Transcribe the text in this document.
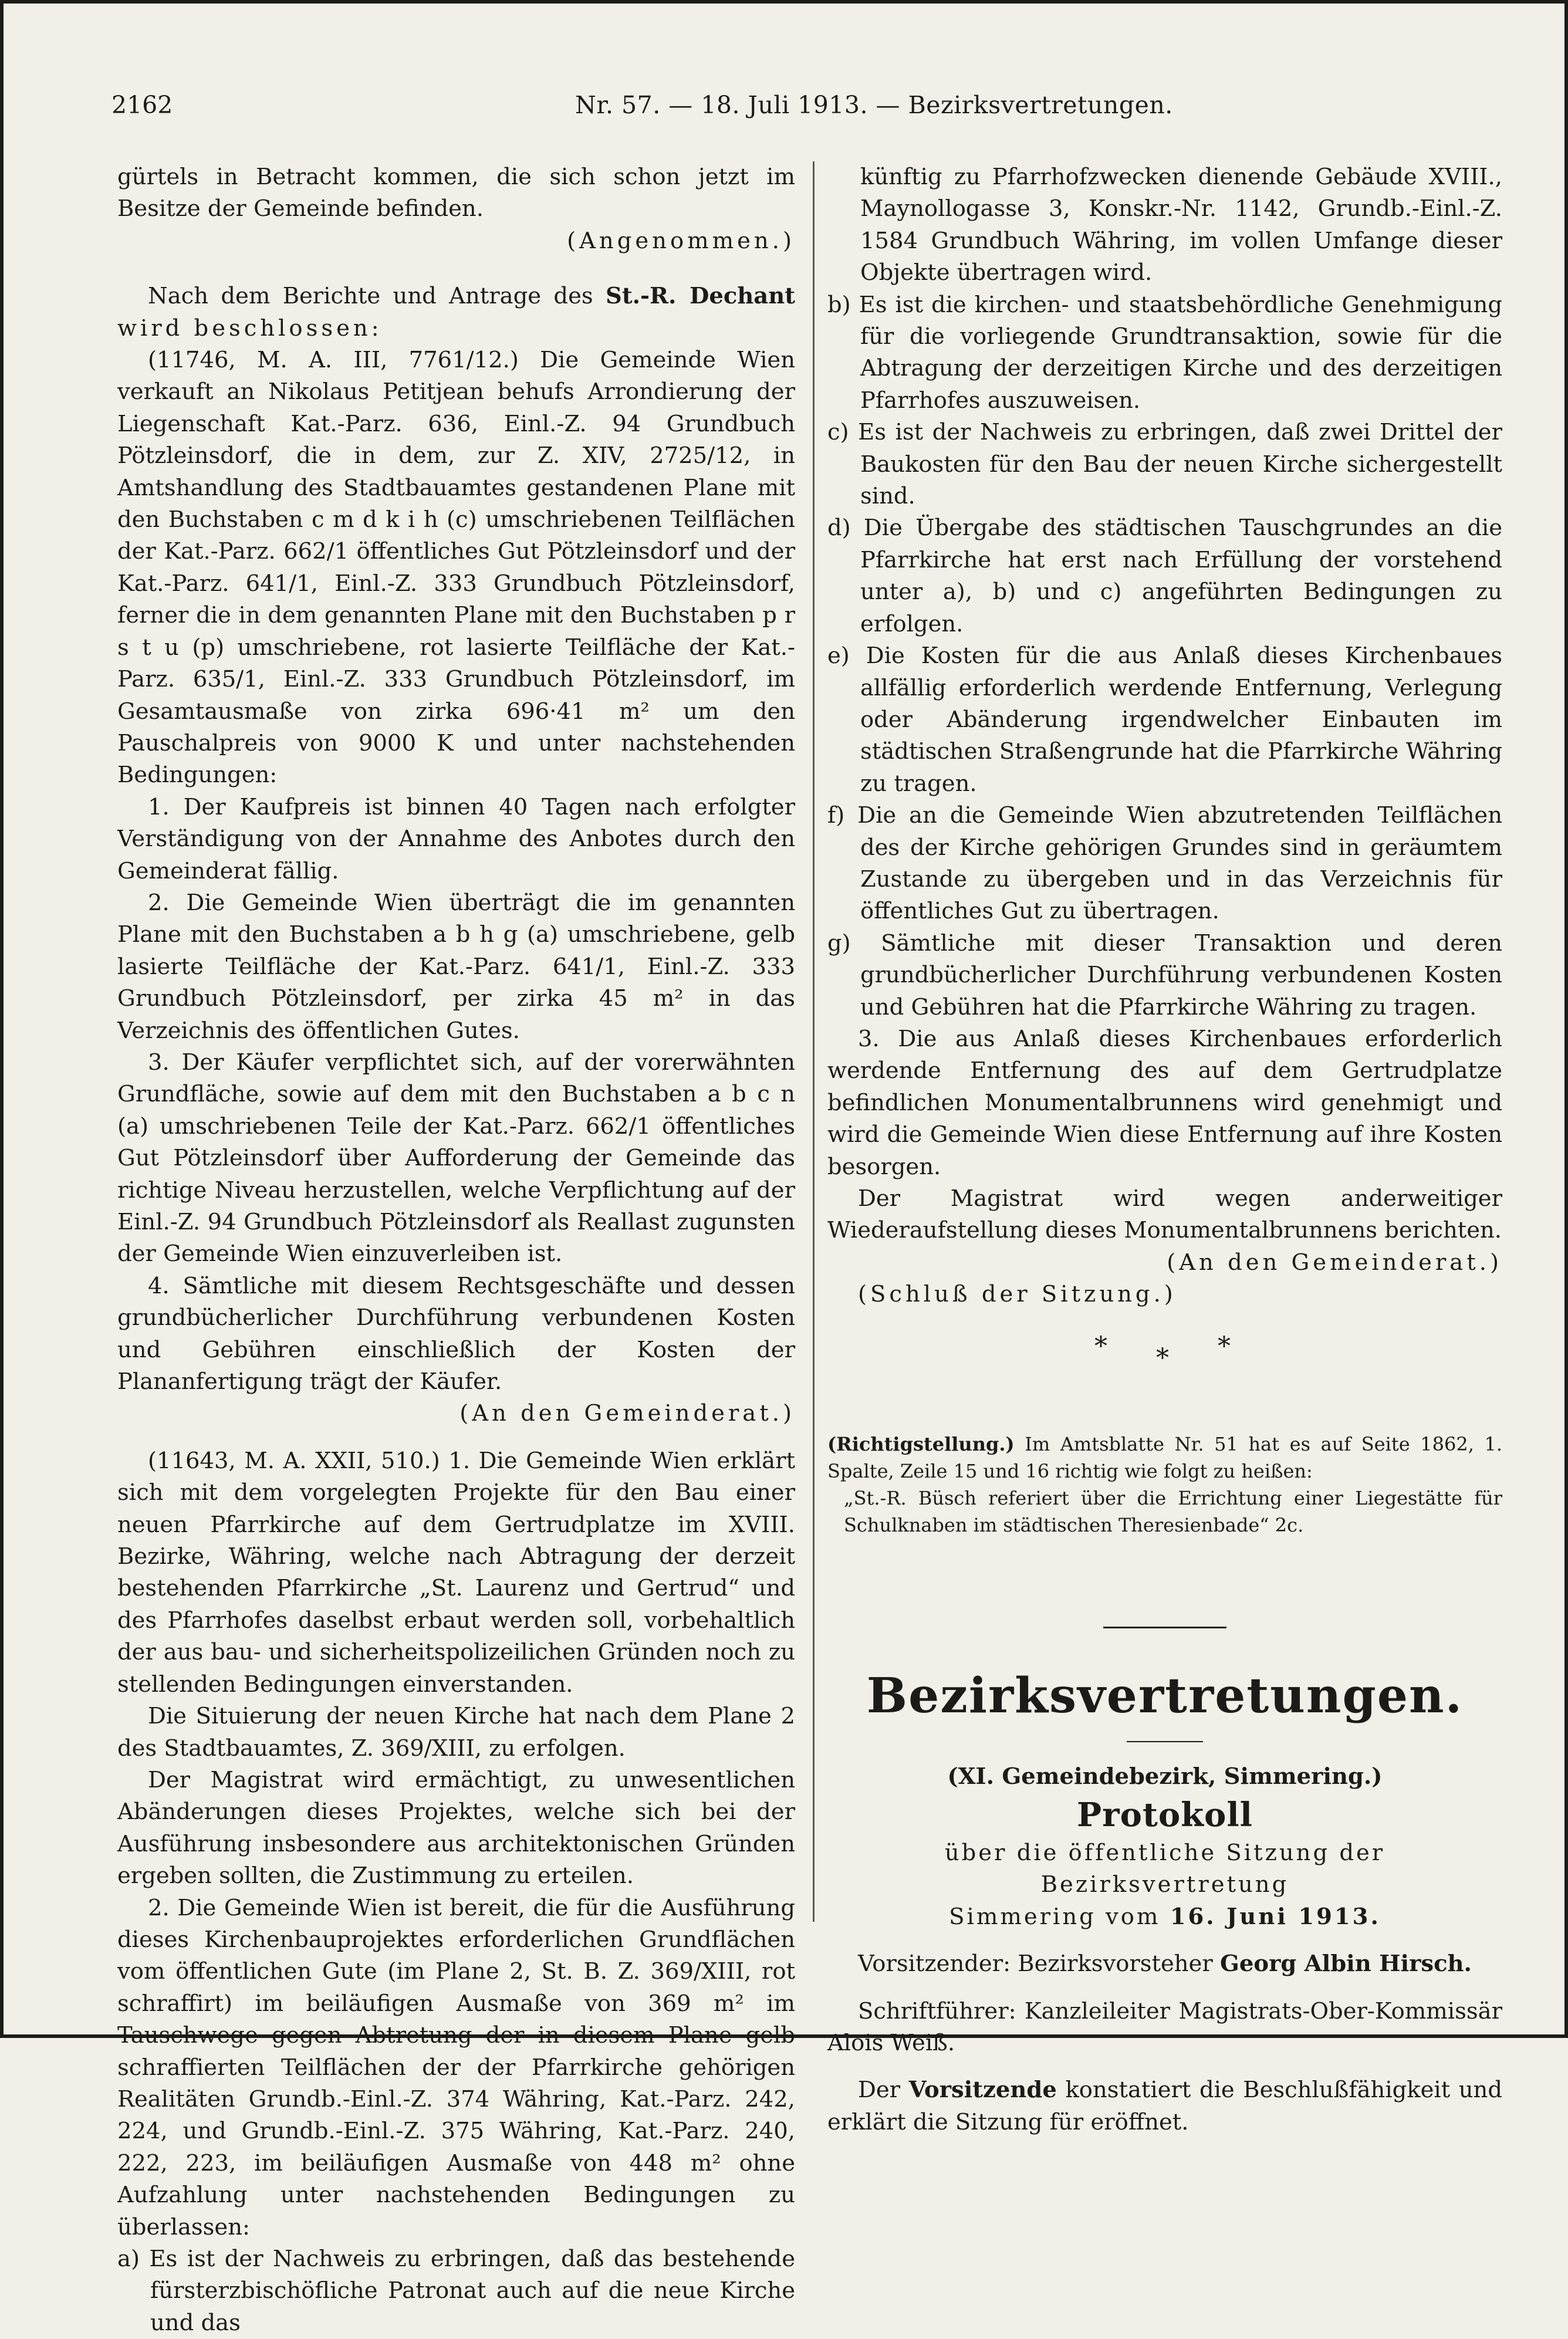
2162	Nr. 57. — 18. Juli 1913. — Bezirksvertretungen.

gürtels in Betracht kommen, die sich schon jetzt im Besitze der Gemeinde befinden.

(Angenommen.)

Nach dem Berichte und Antrage des St.-R. Dechant wird beschlossen:

(11746, M. A. III, 7761/12.) Die Gemeinde Wien verkauft an Nikolaus Petitjean behufs Arrondierung der Liegenschaft Kat.-Parz. 636, Einl.-Z. 94 Grundbuch Pötzleinsdorf, die in dem, zur Z. XIV, 2725/12, in Amtshandlung des Stadtbauamtes gestandenen Plane mit den Buchstaben c m d k i h (c) umschriebenen Teilflächen der Kat.-Parz. 662/1 öffentliches Gut Pötzleinsdorf und der Kat.-Parz. 641/1, Einl.-Z. 333 Grundbuch Pötzleinsdorf, ferner die in dem genannten Plane mit den Buchstaben p r s t u (p) umschriebene, rot lasierte Teilfläche der Kat.-Parz. 635/1, Einl.-Z. 333 Grundbuch Pötzleinsdorf, im Gesamtausmaße von zirka 696·41 m² um den Pauschalpreis von 9000 K und unter nachstehenden Bedingungen:

1. Der Kaufpreis ist binnen 40 Tagen nach erfolgter Verständigung von der Annahme des Anbotes durch den Gemeinderat fällig.

2. Die Gemeinde Wien überträgt die im genannten Plane mit den Buchstaben a b h g (a) umschriebene, gelb lasierte Teilfläche der Kat.-Parz. 641/1, Einl.-Z. 333 Grundbuch Pötzleinsdorf, per zirka 45 m² in das Verzeichnis des öffentlichen Gutes.

3. Der Käufer verpflichtet sich, auf der vorerwähnten Grundfläche, sowie auf dem mit den Buchstaben a b c n (a) umschriebenen Teile der Kat.-Parz. 662/1 öffentliches Gut Pötzleinsdorf über Aufforderung der Gemeinde das richtige Niveau herzustellen, welche Verpflichtung auf der Einl.-Z. 94 Grundbuch Pötzleinsdorf als Reallast zugunsten der Gemeinde Wien einzuverleiben ist.

4. Sämtliche mit diesem Rechtsgeschäfte und dessen grundbücherlicher Durchführung verbundenen Kosten und Gebühren einschließlich der Kosten der Plananfertigung trägt der Käufer.

(An den Gemeinderat.)

(11643, M. A. XXII, 510.) 1. Die Gemeinde Wien erklärt sich mit dem vorgelegten Projekte für den Bau einer neuen Pfarrkirche auf dem Gertrudplatze im XVIII. Bezirke, Währing, welche nach Abtragung der derzeit bestehenden Pfarrkirche „St. Laurenz und Gertrud“ und des Pfarrhofes daselbst erbaut werden soll, vorbehaltlich der aus bau- und sicherheitspolizeilichen Gründen noch zu stellenden Bedingungen einverstanden.

Die Situierung der neuen Kirche hat nach dem Plane 2 des Stadtbauamtes, Z. 369/XIII, zu erfolgen.

Der Magistrat wird ermächtigt, zu unwesentlichen Abänderungen dieses Projektes, welche sich bei der Ausführung insbesondere aus architektonischen Gründen ergeben sollten, die Zustimmung zu erteilen.

2. Die Gemeinde Wien ist bereit, die für die Ausführung dieses Kirchenbauprojektes erforderlichen Grundflächen vom öffentlichen Gute (im Plane 2, St. B. Z. 369/XIII, rot schraffirt) im beiläufigen Ausmaße von 369 m² im Tauschwege gegen Abtretung der in diesem Plane gelb schraffierten Teilflächen der der Pfarrkirche gehörigen Realitäten Grundb.-Einl.-Z. 374 Währing, Kat.-Parz. 242, 224, und Grundb.-Einl.-Z. 375 Währing, Kat.-Parz. 240, 222, 223, im beiläufigen Ausmaße von 448 m² ohne Aufzahlung unter nachstehenden Bedingungen zu überlassen:

a) Es ist der Nachweis zu erbringen, daß das bestehende fürsterzbischöfliche Patronat auch auf die neue Kirche und das

künftig zu Pfarrhofzwecken dienende Gebäude XVIII., Maynollogasse 3, Konskr.-Nr. 1142, Grundb.-Einl.-Z. 1584 Grundbuch Währing, im vollen Umfange dieser Objekte übertragen wird.

b) Es ist die kirchen- und staatsbehördliche Genehmigung für die vorliegende Grundtransaktion, sowie für die Abtragung der derzeitigen Kirche und des derzeitigen Pfarrhofes auszuweisen.

c) Es ist der Nachweis zu erbringen, daß zwei Drittel der Baukosten für den Bau der neuen Kirche sichergestellt sind.

d) Die Übergabe des städtischen Tauschgrundes an die Pfarrkirche hat erst nach Erfüllung der vorstehend unter a), b) und c) angeführten Bedingungen zu erfolgen.

e) Die Kosten für die aus Anlaß dieses Kirchenbaues allfällig erforderlich werdende Entfernung, Verlegung oder Abänderung irgendwelcher Einbauten im städtischen Straßengrunde hat die Pfarrkirche Währing zu tragen.

f) Die an die Gemeinde Wien abzutretenden Teilflächen des der Kirche gehörigen Grundes sind in geräumtem Zustande zu übergeben und in das Verzeichnis für öffentliches Gut zu übertragen.

g) Sämtliche mit dieser Transaktion und deren grundbücherlicher Durchführung verbundenen Kosten und Gebühren hat die Pfarrkirche Währing zu tragen.

3. Die aus Anlaß dieses Kirchenbaues erforderlich werdende Entfernung des auf dem Gertrudplatze befindlichen Monumentalbrunnens wird genehmigt und wird die Gemeinde Wien diese Entfernung auf ihre Kosten besorgen.

Der Magistrat wird wegen anderweitiger Wiederaufstellung dieses Monumentalbrunnens berichten.

(An den Gemeinderat.)

(Schluß der Sitzung.)

* * *

(Richtigstellung.) Im Amtsblatte Nr. 51 hat es auf Seite 1862, 1. Spalte, Zeile 15 und 16 richtig wie folgt zu heißen:

„St.-R. Büsch referiert über die Errichtung einer Liegestätte für Schulknaben im städtischen Theresienbade“ 2c.

Bezirksvertretungen.

(XI. Gemeindebezirk, Simmering.)

Protokoll

über die öffentliche Sitzung der Bezirksvertretung

Simmering vom 16. Juni 1913.

Vorsitzender: Bezirksvorsteher Georg Albin Hirsch.

Schriftführer: Kanzleileiter Magistrats-Ober-Kommissär Alois Weiß.

Der Vorsitzende konstatiert die Beschlußfähigkeit und erklärt die Sitzung für eröffnet.
